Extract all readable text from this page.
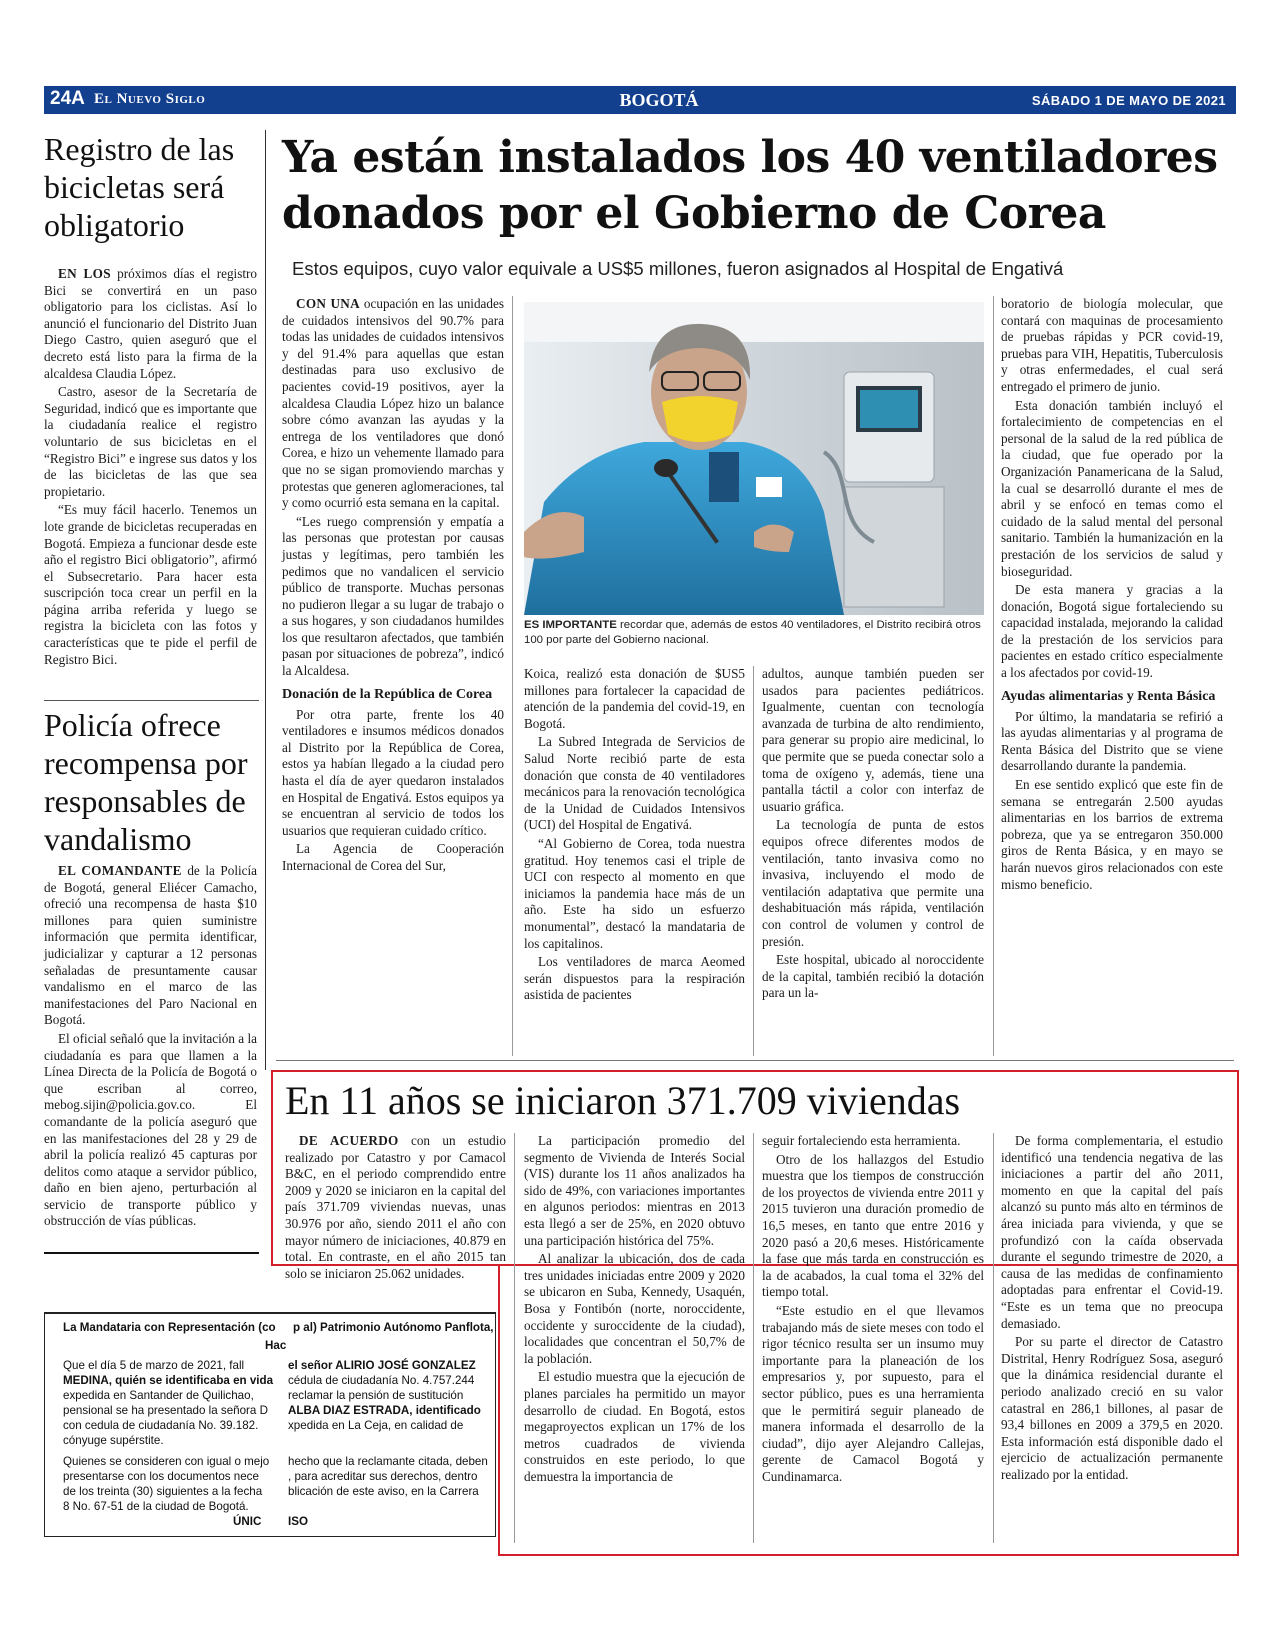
24A El Nuevo Siglo	BOGOTÁ	SÁBADO 1 DE MAYO DE 2021
Registro de las bicicletas será obligatorio

EN LOS próximos días el registro Bici se convertirá en un paso obligatorio para los ciclistas. Así lo anunció el funcionario del Distrito Juan Diego Castro, quien aseguró que el decreto está listo para la firma de la alcaldesa Claudia López.

Castro, asesor de la Secretaría de Seguridad, indicó que es importante que la ciudadanía realice el registro voluntario de sus bicicletas en el “Registro Bici” e ingrese sus datos y los de las bicicletas de las que sea propietario.

“Es muy fácil hacerlo. Tenemos un lote grande de bicicletas recuperadas en Bogotá. Empieza a funcionar desde este año el registro Bici obligatorio”, afirmó el Subsecretario. Para hacer esta suscripción toca crear un perfil en la página arriba referida y luego se registra la bicicleta con las fotos y características que te pide el perfil de Registro Bici.

Policía ofrece recompensa por responsables de vandalismo

EL COMANDANTE de la Policía de Bogotá, general Eliécer Camacho, ofreció una recompensa de hasta $10 millones para quien suministre información que permita identificar, judicializar y capturar a 12 personas señaladas de presuntamente causar vandalismo en el marco de las manifestaciones del Paro Nacional en Bogotá.

El oficial señaló que la invitación a la ciudadanía es para que llamen a la Línea Directa de la Policía de Bogotá o que escriban al correo, mebog.sijin@policia.gov.co. El comandante de la policía aseguró que en las manifestaciones del 28 y 29 de abril la policía realizó 45 capturas por delitos como ataque a servidor público, daño en bien ajeno, perturbación al servicio de transporte público y obstrucción de vías públicas.

Ya están instalados los 40 ventiladores donados por el Gobierno de Corea
Estos equipos, cuyo valor equivale a US$5 millones, fueron asignados al Hospital de Engativá

CON UNA ocupación en las unidades de cuidados intensivos del 90.7% para todas las unidades de cuidados intensivos y del 91.4% para aquellas que estan destinadas para uso exclusivo de pacientes covid-19 positivos, ayer la alcaldesa Claudia López hizo un balance sobre cómo avanzan las ayudas y la entrega de los ventiladores que donó Corea, e hizo un vehemente llamado para que no se sigan promoviendo marchas y protestas que generen aglomeraciones, tal y como ocurrió esta semana en la capital.

“Les ruego comprensión y empatía a las personas que protestan por causas justas y legítimas, pero también les pedimos que no vandalicen el servicio público de transporte. Muchas personas no pudieron llegar a su lugar de trabajo o a sus hogares, y son ciudadanos humildes los que resultaron afectados, que también pasan por situaciones de pobreza”, indicó la Alcaldesa.

Donación de la República de Corea

Por otra parte, frente los 40 ventiladores e insumos médicos donados al Distrito por la República de Corea, estos ya habían llegado a la ciudad pero hasta el día de ayer quedaron instalados en Hospital de Engativá. Estos equipos ya se encuentran al servicio de todos los usuarios que requieran cuidado crítico.

La Agencia de Cooperación Internacional de Corea del Sur,

ES IMPORTANTE recordar que, además de estos 40 ventiladores, el Distrito recibirá otros 100 por parte del Gobierno nacional.

Koica, realizó esta donación de $US5 millones para fortalecer la capacidad de atención de la pandemia del covid-19, en Bogotá.

La Subred Integrada de Servicios de Salud Norte recibió parte de esta donación que consta de 40 ventiladores mecánicos para la renovación tecnológica de la Unidad de Cuidados Intensivos (UCI) del Hospital de Engativá.

“Al Gobierno de Corea, toda nuestra gratitud. Hoy tenemos casi el triple de UCI con respecto al momento en que iniciamos la pandemia hace más de un año. Este ha sido un esfuerzo monumental”, destacó la mandataria de los capitalinos.

Los ventiladores de marca Aeomed serán dispuestos para la respiración asistida de pacientes

adultos, aunque también pueden ser usados para pacientes pediátricos. Igualmente, cuentan con tecnología avanzada de turbina de alto rendimiento, para generar su propio aire medicinal, lo que permite que se pueda conectar solo a toma de oxígeno y, además, tiene una pantalla táctil a color con interfaz de usuario gráfica.

La tecnología de punta de estos equipos ofrece diferentes modos de ventilación, tanto invasiva como no invasiva, incluyendo el modo de ventilación adaptativa que permite una deshabituación más rápida, ventilación con control de volumen y control de presión.

Este hospital, ubicado al noroccidente de la capital, también recibió la dotación para un la-

boratorio de biología molecular, que contará con maquinas de procesamiento de pruebas rápidas y PCR covid-19, pruebas para VIH, Hepatitis, Tuberculosis y otras enfermedades, el cual será entregado el primero de junio.

Esta donación también incluyó el fortalecimiento de competencias en el personal de la salud de la red pública de la ciudad, que fue operado por la Organización Panamericana de la Salud, la cual se desarrolló durante el mes de abril y se enfocó en temas como el cuidado de la salud mental del personal sanitario. También la humanización en la prestación de los servicios de salud y bioseguridad.

De esta manera y gracias a la donación, Bogotá sigue fortaleciendo su capacidad instalada, mejorando la calidad de la prestación de los servicios para pacientes en estado crítico especialmente a los afectados por covid-19.

Ayudas alimentarias y Renta Básica

Por último, la mandataria se refirió a las ayudas alimentarias y al programa de Renta Básica del Distrito que se viene desarrollando durante la pandemia.

En ese sentido explicó que este fin de semana se entregarán 2.500 ayudas alimentarias en los barrios de extrema pobreza, que ya se entregaron 350.000 giros de Renta Básica, y en mayo se harán nuevos giros relacionados con este mismo beneficio.

En 11 años se iniciaron 371.709 viviendas

DE ACUERDO con un estudio realizado por Catastro y por Camacol B&C, en el periodo comprendido entre 2009 y 2020 se iniciaron en la capital del país 371.709 viviendas nuevas, unas 30.976 por año, siendo 2011 el año con mayor número de iniciaciones, 40.879 en total. En contraste, en el año 2015 tan solo se iniciaron 25.062 unidades.

La participación promedio del segmento de Vivienda de Interés Social (VIS) durante los 11 años analizados ha sido de 49%, con variaciones importantes en algunos periodos: mientras en 2013 esta llegó a ser de 25%, en 2020 obtuvo una participación histórica del 75%.

Al analizar la ubicación, dos de cada tres unidades iniciadas entre 2009 y 2020 se ubicaron en Suba, Kennedy, Usaquén, Bosa y Fontibón (norte, noroccidente, occidente y suroccidente de la ciudad), localidades que concentran el 50,7% de la población.

El estudio muestra que la ejecución de planes parciales ha permitido un mayor desarrollo de ciudad. En Bogotá, estos megaproyectos explican un 17% de los metros cuadrados de vivienda construidos en este periodo, lo que demuestra la importancia de

seguir fortaleciendo esta herramienta.

Otro de los hallazgos del Estudio muestra que los tiempos de construcción de los proyectos de vivienda entre 2011 y 2015 tuvieron una duración promedio de 16,5 meses, en tanto que entre 2016 y 2020 pasó a 20,6 meses. Históricamente la fase que más tarda en construcción es la de acabados, la cual toma el 32% del tiempo total.

“Este estudio en el que llevamos trabajando más de siete meses con todo el rigor técnico resulta ser un insumo muy importante para la planeación de los empresarios y, por supuesto, para el sector público, pues es una herramienta que le permitirá seguir planeado de manera informada el desarrollo de la ciudad”, dijo ayer Alejandro Callejas, gerente de Camacol Bogotá y Cundinamarca.

De forma complementaria, el estudio identificó una tendencia negativa de las iniciaciones a partir del año 2011, momento en que la capital del país alcanzó su punto más alto en términos de área iniciada para vivienda, y que se profundizó con la caída observada durante el segundo trimestre de 2020, a causa de las medidas de confinamiento adoptadas para enfrentar el Covid-19. “Este es un tema que no preocupa demasiado.

Por su parte el director de Catastro Distrital, Henry Rodríguez Sosa, aseguró que la dinámica residencial durante el periodo analizado creció en su valor catastral en 286,1 billones, al pasar de 93,4 billones en 2009 a 379,5 en 2020. Esta información está disponible dado el ejercicio de actualización permanente realizado por la entidad.

La Mandataria con Representación (co p al) Patrimonio Autónomo Panflota,
Hac
Que el día 5 de marzo de 2021, fall
MEDINA, quién se identificaba en vida
expedida en Santander de Quilichao,
pensional se ha presentado la señora D
con cedula de ciudadanía No. 39.182.
cónyuge supérstite.
Quienes se consideren con igual o mejo
presentarse con los documentos nece
de los treinta (30) siguientes a la fecha
8 No. 67-51 de la ciudad de Bogotá.
el señor ALIRIO JOSÉ GONZALEZ
cédula de ciudadanía No. 4.757.244
reclamar la pensión de sustitución
ALBA DIAZ ESTRADA, identificado
xpedida en La Ceja, en calidad de
hecho que la reclamante citada, deben
, para acreditar sus derechos, dentro
blicación de este aviso, en la Carrera
ÚNIC ISO
